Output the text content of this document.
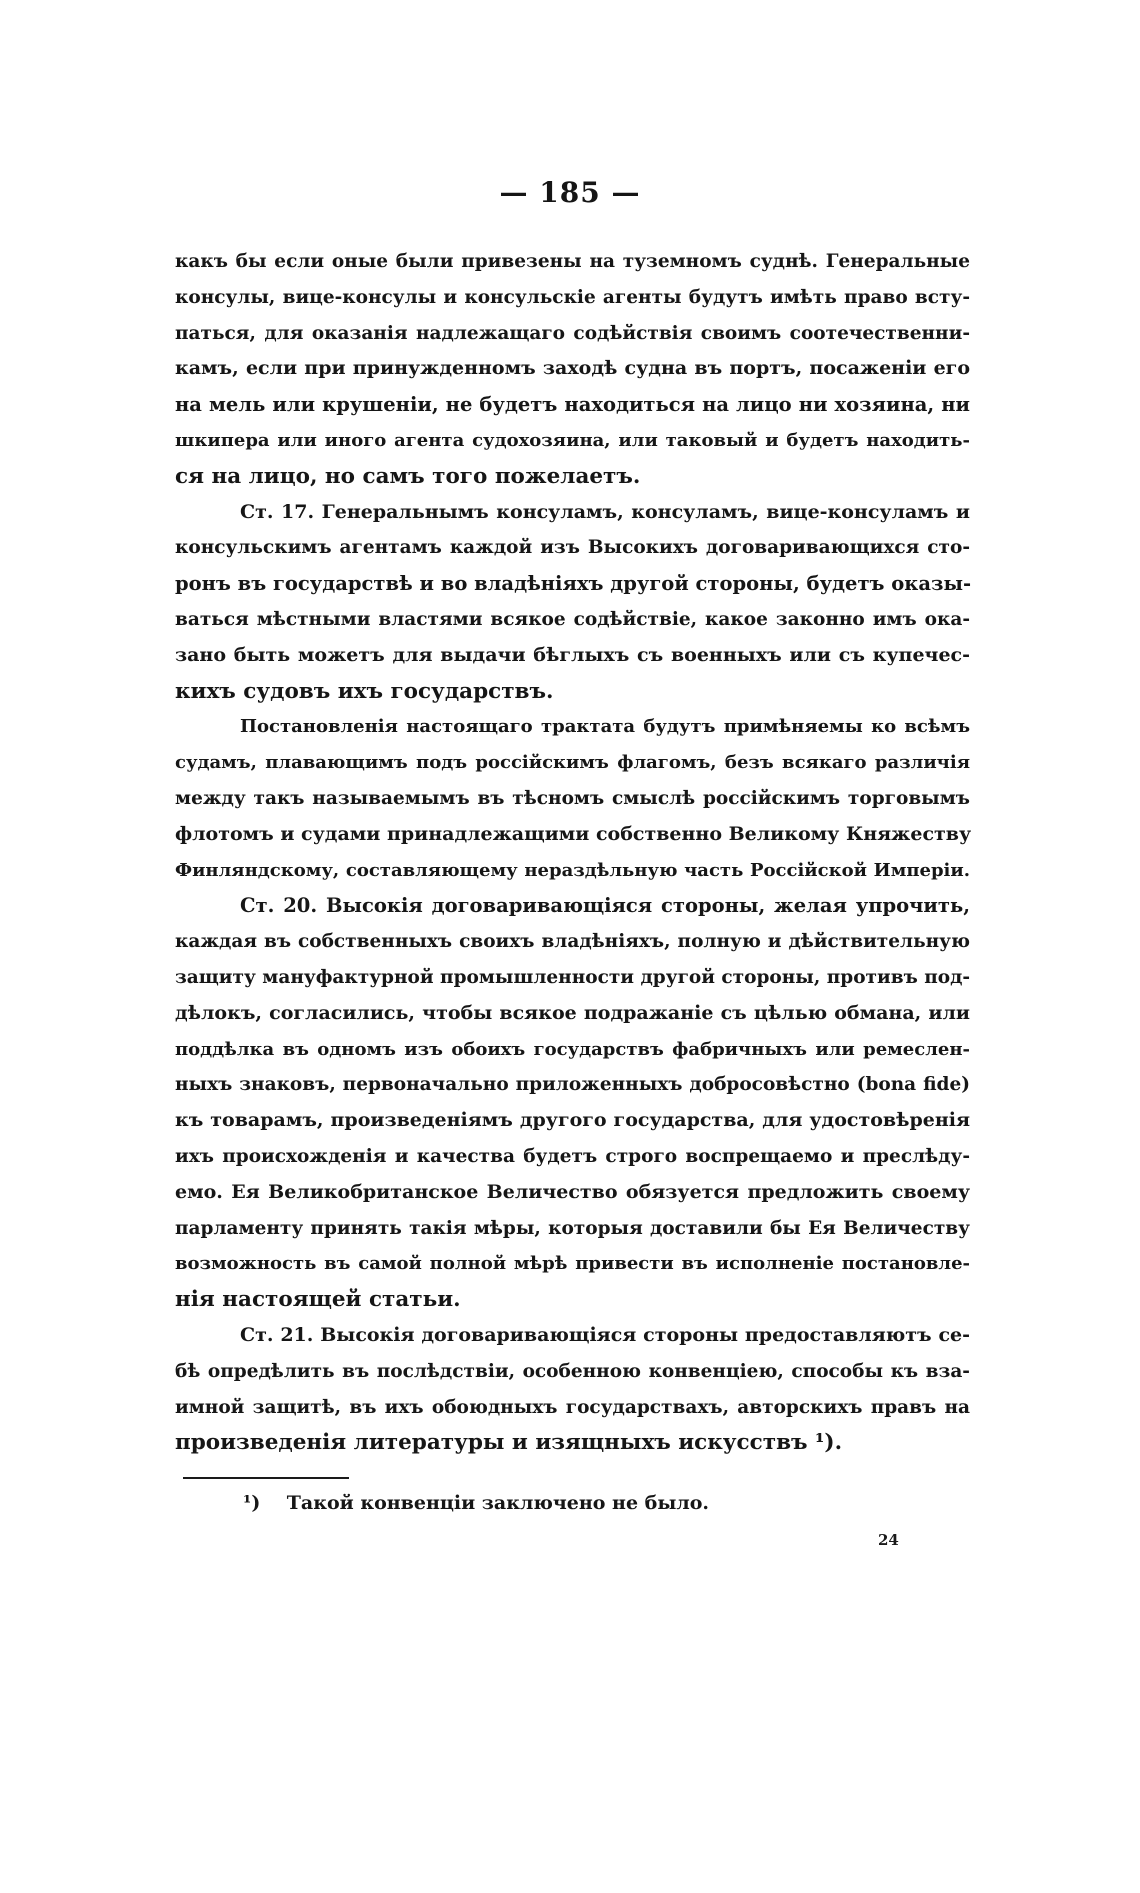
— 185 —
какъ бы если оные были привезены на туземномъ суднѣ. Генеральные
консулы, вице-консулы и консульскіе агенты будутъ имѣть право всту-
паться, для оказанія надлежащаго содѣйствія своимъ соотечественни-
камъ, если при принужденномъ заходѣ судна въ портъ, посаженіи его
на мель или крушеніи, не будетъ находиться на лицо ни хозяина, ни
шкипера или иного агента судохозяина, или таковый и будетъ находить-
ся на лицо, но самъ того пожелаетъ.
Ст. 17. Генеральнымъ консуламъ, консуламъ, вице-консуламъ и
консульскимъ агентамъ каждой изъ Высокихъ договаривающихся сто-
ронъ въ государствѣ и во владѣніяхъ другой стороны, будетъ оказы-
ваться мѣстными властями всякое содѣйствіе, какое законно имъ ока-
зано быть можетъ для выдачи бѣглыхъ съ военныхъ или съ купечес-
кихъ судовъ ихъ государствъ.
Постановленія настоящаго трактата будутъ примѣняемы ко всѣмъ
судамъ, плавающимъ подъ россійскимъ флагомъ, безъ всякаго различія
между такъ называемымъ въ тѣсномъ смыслѣ россійскимъ торговымъ
флотомъ и судами принадлежащими собственно Великому Княжеству
Финляндскому, составляющему нераздѣльную часть Россійской Имперіи.
Ст. 20. Высокія договаривающіяся стороны, желая упрочить,
каждая въ собственныхъ своихъ владѣніяхъ, полную и дѣйствительную
защиту мануфактурной промышленности другой стороны, противъ под-
дѣлокъ, согласились, чтобы всякое подражаніе съ цѣлью обмана, или
поддѣлка въ одномъ изъ обоихъ государствъ фабричныхъ или ремеслен-
ныхъ знаковъ, первоначально приложенныхъ добросовѣстно (bona fide)
къ товарамъ, произведеніямъ другого государства, для удостовѣренія
ихъ происхожденія и качества будетъ строго воспрещаемо и преслѣду-
емо. Ея Великобританское Величество обязуется предложить своему
парламенту принять такія мѣры, которыя доставили бы Ея Величеству
возможность въ самой полной мѣрѣ привести въ исполненіе постановле-
нія настоящей статьи.
Ст. 21. Высокія договаривающіяся стороны предоставляютъ се-
бѣ опредѣлить въ послѣдствіи, особенною конвенціею, способы къ вза-
имной защитѣ, въ ихъ обоюдныхъ государствахъ, авторскихъ правъ на
произведенія литературы и изящныхъ искусствъ ¹).
¹) Такой конвенціи заключено не было.
24
